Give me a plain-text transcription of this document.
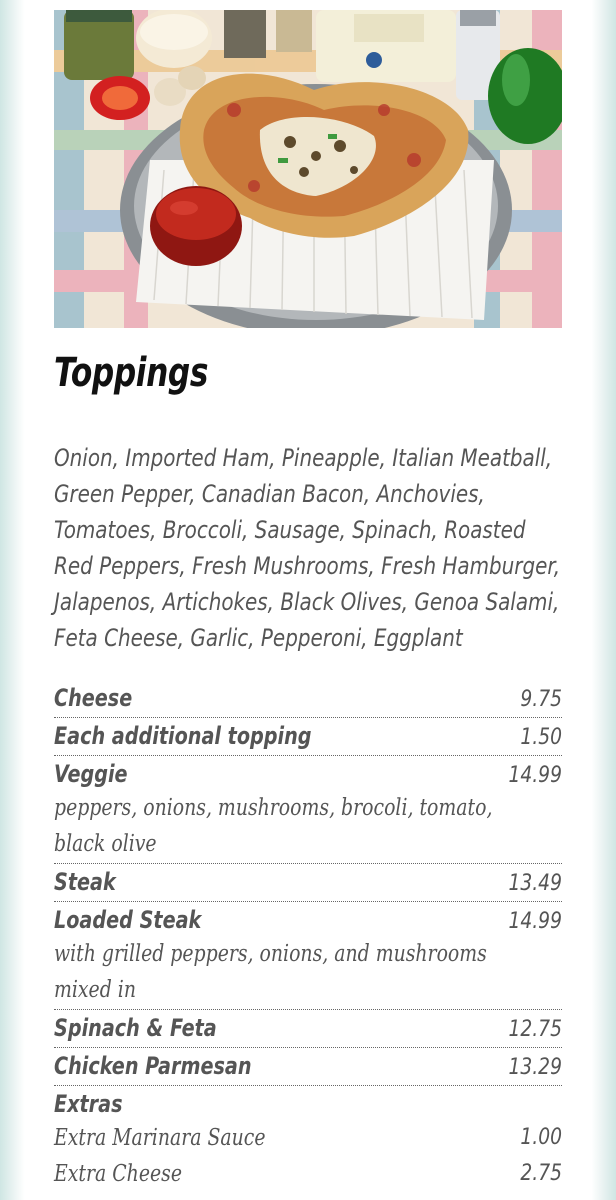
Toppings

Onion, Imported Ham, Pineapple, Italian Meatball, Green Pepper, Canadian Bacon, Anchovies, Tomatoes, Broccoli, Sausage, Spinach, Roasted Red Peppers, Fresh Mushrooms, Fresh Hamburger, Jalapenos, Artichokes, Black Olives, Genoa Salami, Feta Cheese, Garlic, Pepperoni, Eggplant

Cheese	9.75
Each additional topping	1.50
Veggie	14.99
peppers, onions, mushrooms, brocoli, tomato, black olive
Steak	13.49
Loaded Steak	14.99
with grilled peppers, onions, and mushrooms mixed in
Spinach & Feta	12.75
Chicken Parmesan	13.29
Extras
Extra Marinara Sauce	1.00
Extra Cheese	2.75
